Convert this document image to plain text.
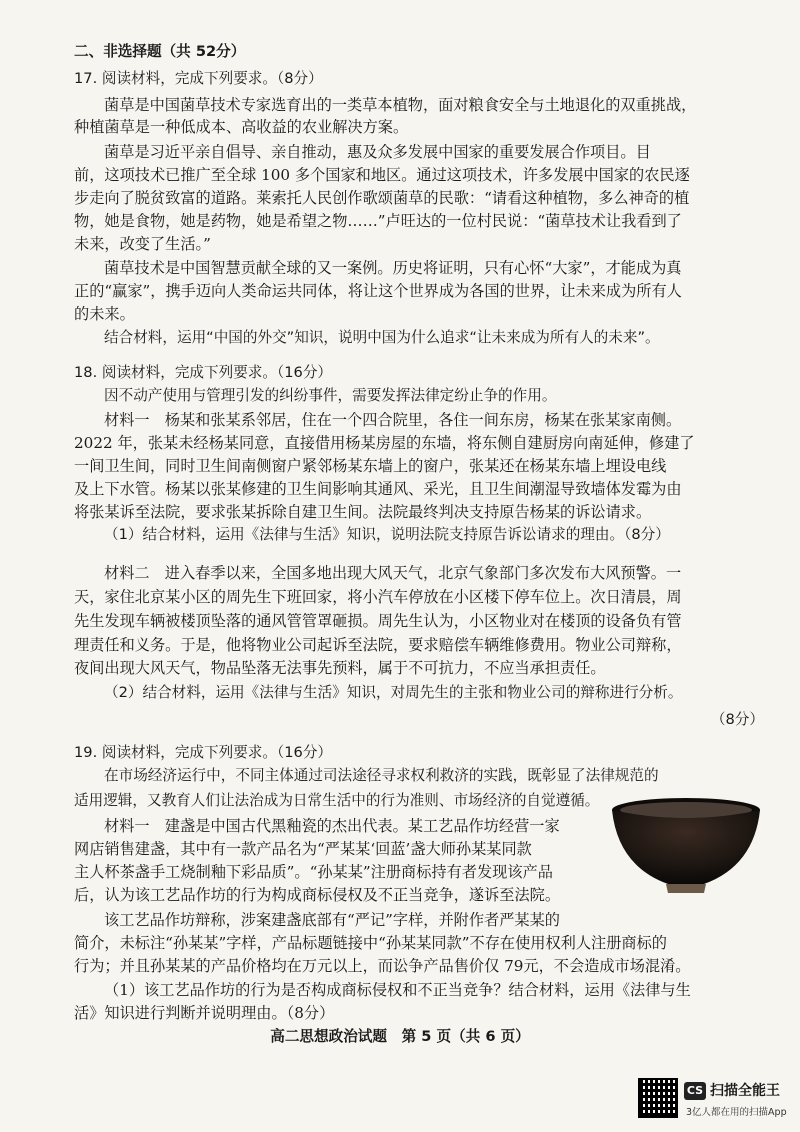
二、非选择题（共 52分）
17. 阅读材料，完成下列要求。（8分）
菌草是中国菌草技术专家选育出的一类草本植物，面对粮食安全与土地退化的双重挑战，
种植菌草是一种低成本、高收益的农业解决方案。
菌草是习近平亲自倡导、亲自推动，惠及众多发展中国家的重要发展合作项目。目
前，这项技术已推广至全球 100 多个国家和地区。通过这项技术，许多发展中国家的农民逐
步走向了脱贫致富的道路。莱索托人民创作歌颂菌草的民歌：“请看这种植物，多么神奇的植
物，她是食物，她是药物，她是希望之物……”卢旺达的一位村民说：“菌草技术让我看到了
未来，改变了生活。”
菌草技术是中国智慧贡献全球的又一案例。历史将证明，只有心怀“大家”，才能成为真
正的“赢家”，携手迈向人类命运共同体，将让这个世界成为各国的世界，让未来成为所有人
的未来。
结合材料，运用“中国的外交”知识，说明中国为什么追求“让未来成为所有人的未来”。
18. 阅读材料，完成下列要求。（16分）
因不动产使用与管理引发的纠纷事件，需要发挥法律定纷止争的作用。
材料一　杨某和张某系邻居，住在一个四合院里，各住一间东房，杨某在张某家南侧。
2022 年，张某未经杨某同意，直接借用杨某房屋的东墙，将东侧自建厨房向南延伸，修建了
一间卫生间，同时卫生间南侧窗户紧邻杨某东墙上的窗户，张某还在杨某东墙上埋设电线
及上下水管。杨某以张某修建的卫生间影响其通风、采光，且卫生间潮湿导致墙体发霉为由
将张某诉至法院，要求张某拆除自建卫生间。法院最终判决支持原告杨某的诉讼请求。
（1）结合材料，运用《法律与生活》知识，说明法院支持原告诉讼请求的理由。（8分）
材料二　进入春季以来，全国多地出现大风天气，北京气象部门多次发布大风预警。一
天，家住北京某小区的周先生下班回家，将小汽车停放在小区楼下停车位上。次日清晨，周
先生发现车辆被楼顶坠落的通风管管罩砸损。周先生认为，小区物业对在楼顶的设备负有管
理责任和义务。于是，他将物业公司起诉至法院，要求赔偿车辆维修费用。物业公司辩称，
夜间出现大风天气，物品坠落无法事先预料，属于不可抗力，不应当承担责任。
（2）结合材料，运用《法律与生活》知识，对周先生的主张和物业公司的辩称进行分析。
（8分）
19. 阅读材料，完成下列要求。（16分）
在市场经济运行中，不同主体通过司法途径寻求权利救济的实践，既彰显了法律规范的
适用逻辑，又教育人们让法治成为日常生活中的行为准则、市场经济的自觉遵循。
材料一　建盏是中国古代黑釉瓷的杰出代表。某工艺品作坊经营一家
网店销售建盏，其中有一款产品名为“严某某‘回蓝’盏大师孙某某同款
主人杯茶盏手工烧制釉下彩品质”。“孙某某”注册商标持有者发现该产品
后，认为该工艺品作坊的行为构成商标侵权及不正当竞争，遂诉至法院。
该工艺品作坊辩称，涉案建盏底部有“严记”字样，并附作者严某某的
简介，未标注“孙某某”字样，产品标题链接中“孙某某同款”不存在使用权利人注册商标的
行为；并且孙某某的产品价格均在万元以上，而讼争产品售价仅 79元，不会造成市场混淆。
（1）该工艺品作坊的行为是否构成商标侵权和不正当竞争？结合材料，运用《法律与生
活》知识进行判断并说明理由。（8分）
高二思想政治试题　第 5 页（共 6 页）
CS 扫描全能王
3亿人都在用的扫描App
